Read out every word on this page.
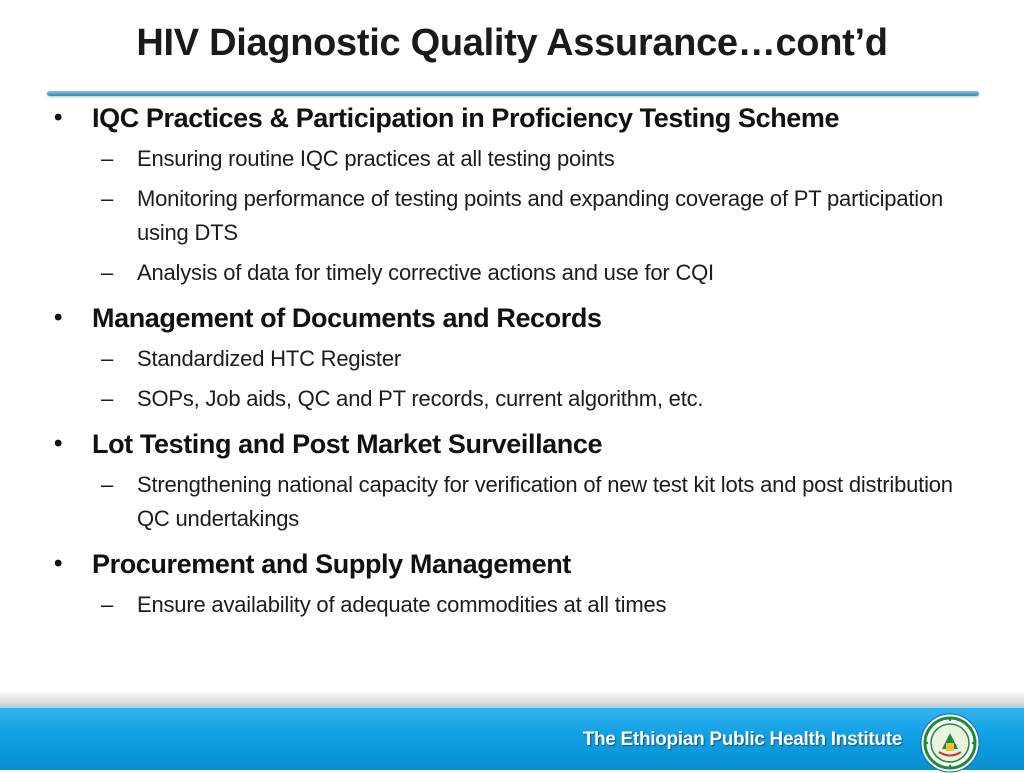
HIV Diagnostic Quality Assurance…cont’d
• IQC Practices & Participation in Proficiency Testing Scheme
– Ensuring routine IQC practices at all testing points
– Monitoring performance of testing points and expanding coverage of PT participation using DTS
– Analysis of data for timely corrective actions and use for CQI
• Management of Documents and Records
– Standardized HTC Register
– SOPs, Job aids, QC and PT records, current algorithm, etc.
• Lot Testing and Post Market Surveillance
– Strengthening national capacity for verification of new test kit lots and post distribution QC undertakings
• Procurement and Supply Management
– Ensure availability of adequate commodities at all times
The Ethiopian Public Health Institute
